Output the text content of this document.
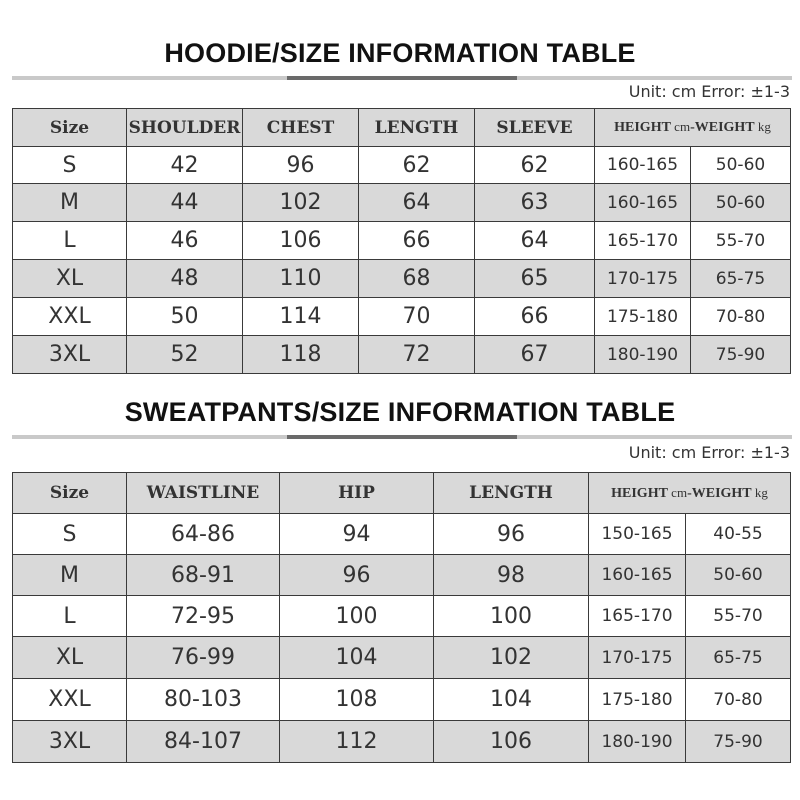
HOODIE/SIZE INFORMATION TABLE
Unit: cm Error: ±1-3
Size	SHOULDER	CHEST	LENGTH	SLEEVE	HEIGHT cm-WEIGHT kg	
S	42	96	62	62	160-165	50-60
M	44	102	64	63	160-165	50-60
L	46	106	66	64	165-170	55-70
XL	48	110	68	65	170-175	65-75
XXL	50	114	70	66	175-180	70-80
3XL	52	118	72	67	180-190	75-90
SWEATPANTS/SIZE INFORMATION TABLE
Unit: cm Error: ±1-3
Size	WAISTLINE	HIP	LENGTH	HEIGHT cm-WEIGHT kg	
S	64-86	94	96	150-165	40-55
M	68-91	96	98	160-165	50-60
L	72-95	100	100	165-170	55-70
XL	76-99	104	102	170-175	65-75
XXL	80-103	108	104	175-180	70-80
3XL	84-107	112	106	180-190	75-90
